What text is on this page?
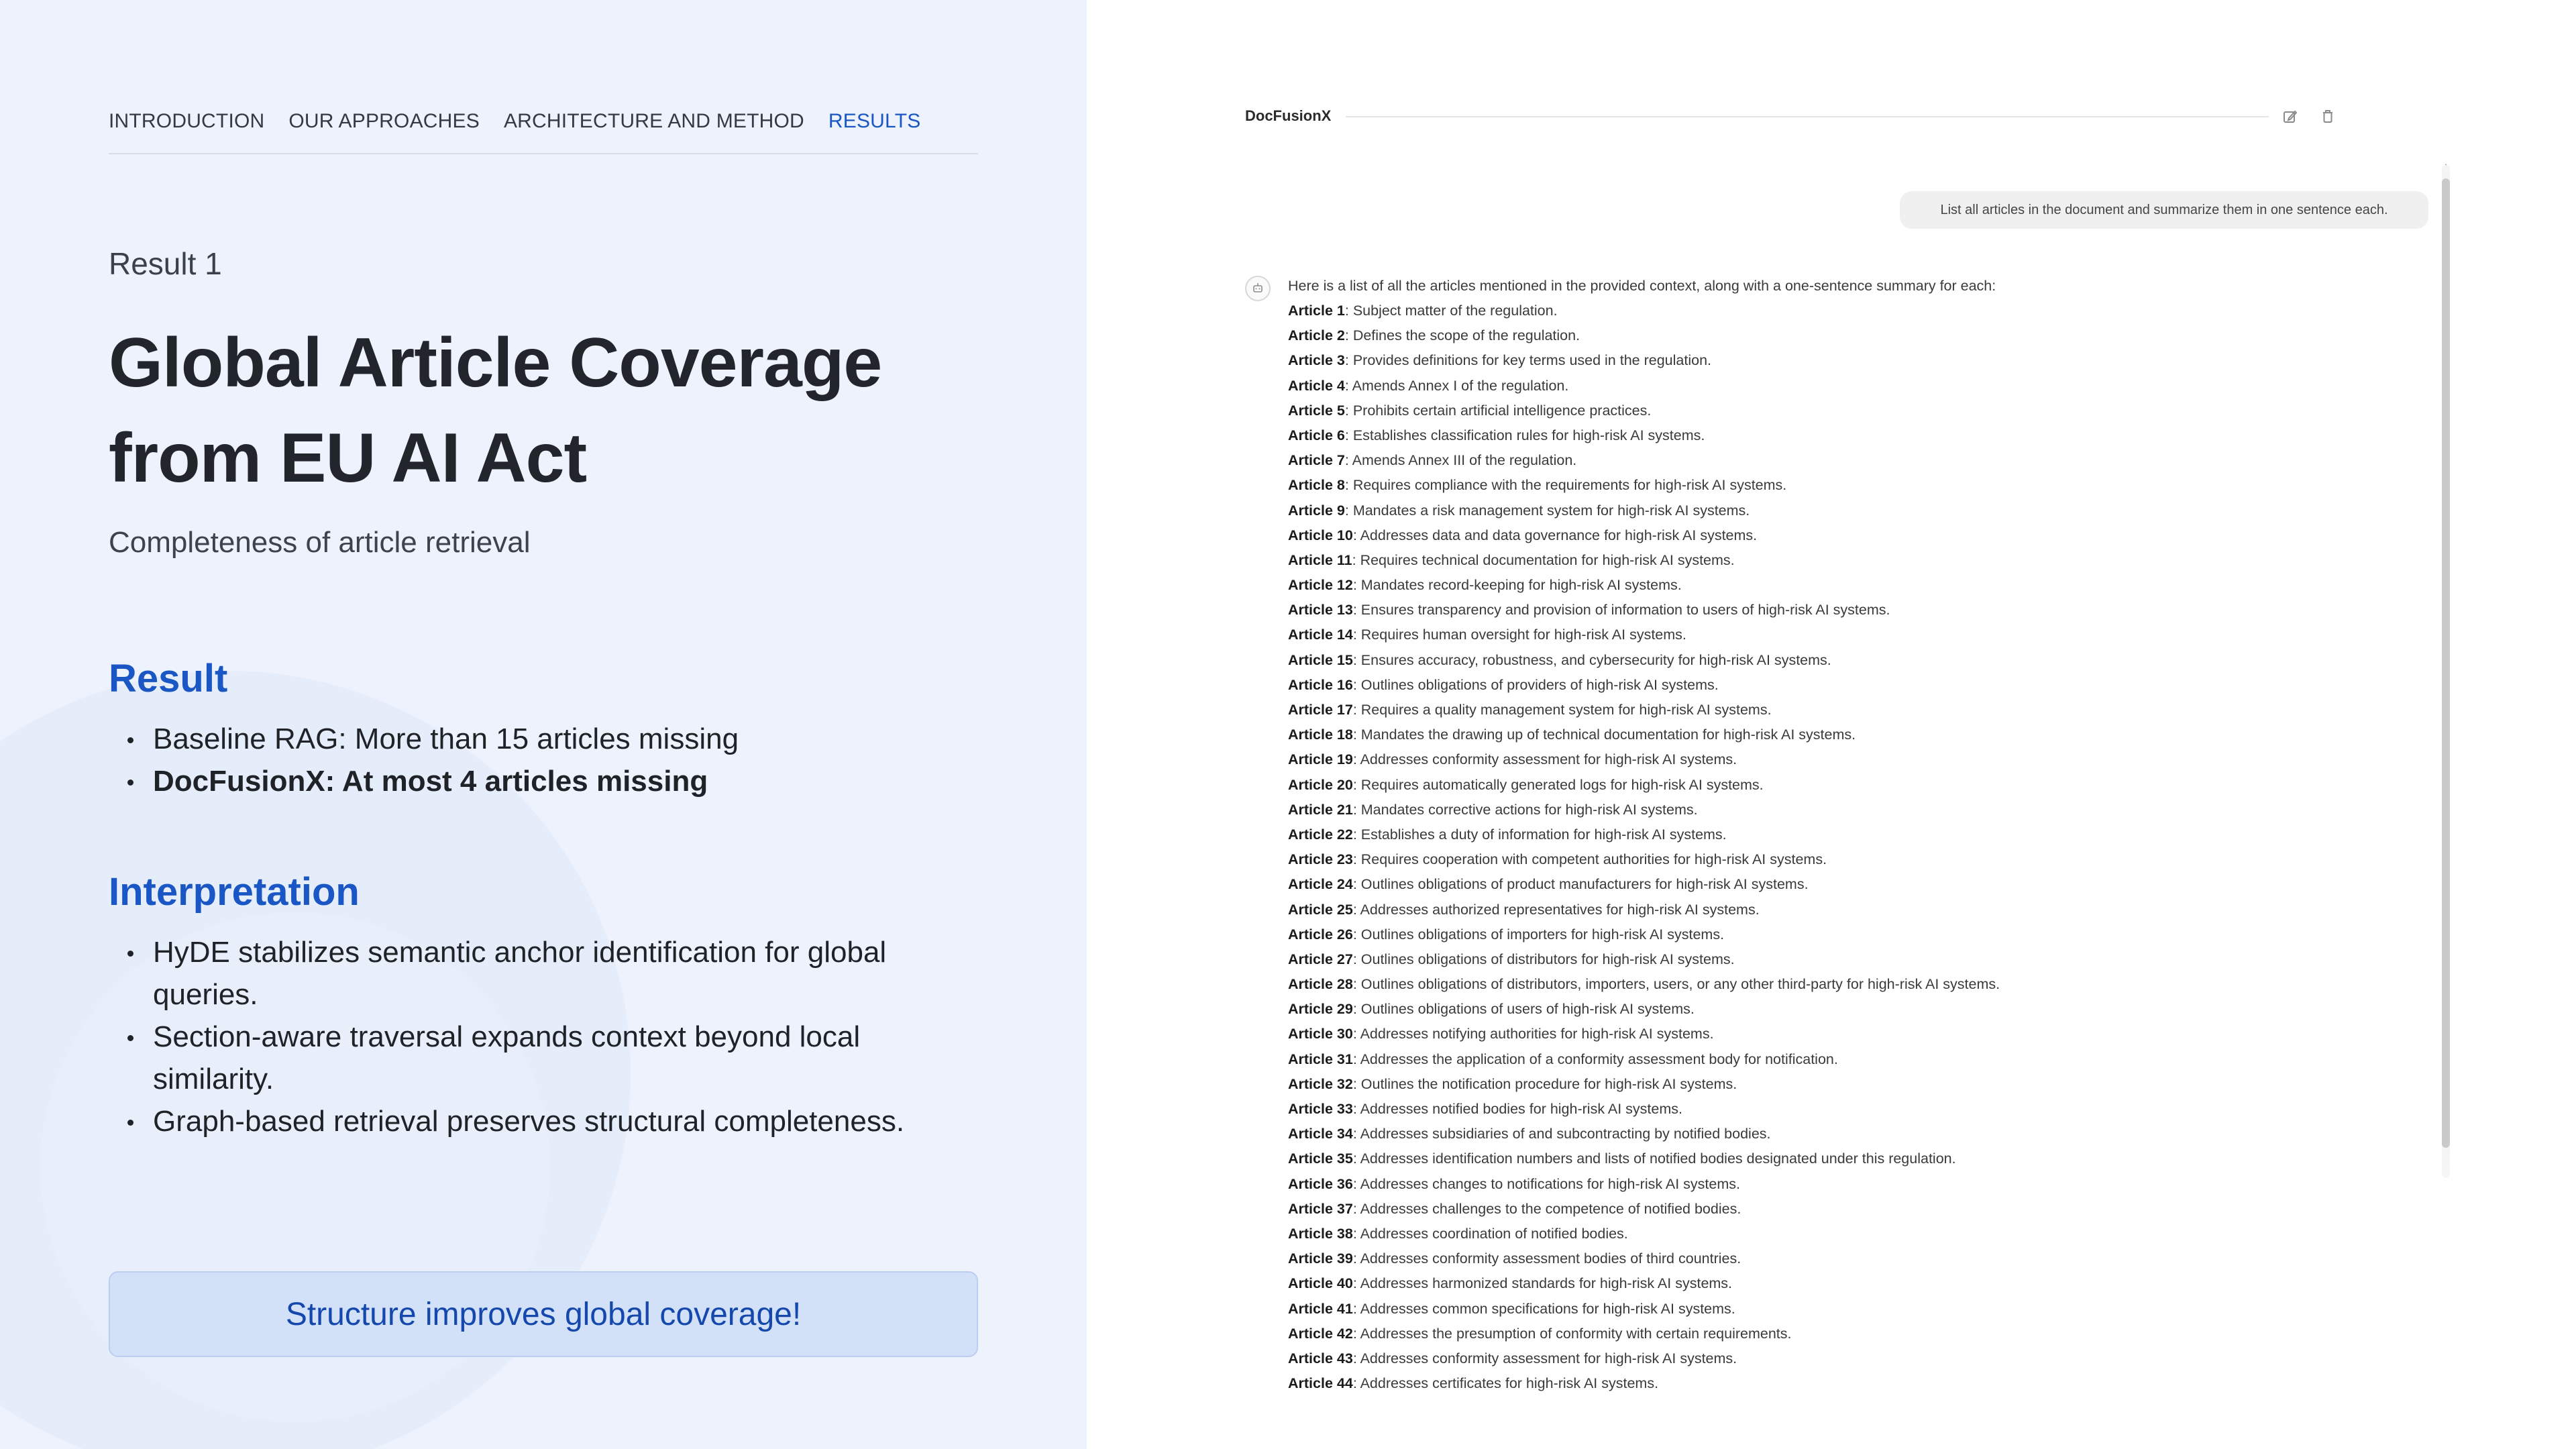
INTRODUCTION OUR APPROACHES ARCHITECTURE AND METHOD RESULTS
Result 1
Global Article Coverage
from EU AI Act
Completeness of article retrieval
Result
Baseline RAG: More than 15 articles missing
DocFusionX: At most 4 articles missing
Interpretation
HyDE stabilizes semantic anchor identification for global queries.
Section-aware traversal expands context beyond local similarity.
Graph-based retrieval preserves structural completeness.
Structure improves global coverage!
DocFusionX
List all articles in the document and summarize them in one sentence each.
Here is a list of all the articles mentioned in the provided context, along with a one-sentence summary for each:
Article 1: Subject matter of the regulation.
Article 2: Defines the scope of the regulation.
Article 3: Provides definitions for key terms used in the regulation.
Article 4: Amends Annex I of the regulation.
Article 5: Prohibits certain artificial intelligence practices.
Article 6: Establishes classification rules for high-risk AI systems.
Article 7: Amends Annex III of the regulation.
Article 8: Requires compliance with the requirements for high-risk AI systems.
Article 9: Mandates a risk management system for high-risk AI systems.
Article 10: Addresses data and data governance for high-risk AI systems.
Article 11: Requires technical documentation for high-risk AI systems.
Article 12: Mandates record-keeping for high-risk AI systems.
Article 13: Ensures transparency and provision of information to users of high-risk AI systems.
Article 14: Requires human oversight for high-risk AI systems.
Article 15: Ensures accuracy, robustness, and cybersecurity for high-risk AI systems.
Article 16: Outlines obligations of providers of high-risk AI systems.
Article 17: Requires a quality management system for high-risk AI systems.
Article 18: Mandates the drawing up of technical documentation for high-risk AI systems.
Article 19: Addresses conformity assessment for high-risk AI systems.
Article 20: Requires automatically generated logs for high-risk AI systems.
Article 21: Mandates corrective actions for high-risk AI systems.
Article 22: Establishes a duty of information for high-risk AI systems.
Article 23: Requires cooperation with competent authorities for high-risk AI systems.
Article 24: Outlines obligations of product manufacturers for high-risk AI systems.
Article 25: Addresses authorized representatives for high-risk AI systems.
Article 26: Outlines obligations of importers for high-risk AI systems.
Article 27: Outlines obligations of distributors for high-risk AI systems.
Article 28: Outlines obligations of distributors, importers, users, or any other third-party for high-risk AI systems.
Article 29: Outlines obligations of users of high-risk AI systems.
Article 30: Addresses notifying authorities for high-risk AI systems.
Article 31: Addresses the application of a conformity assessment body for notification.
Article 32: Outlines the notification procedure for high-risk AI systems.
Article 33: Addresses notified bodies for high-risk AI systems.
Article 34: Addresses subsidiaries of and subcontracting by notified bodies.
Article 35: Addresses identification numbers and lists of notified bodies designated under this regulation.
Article 36: Addresses changes to notifications for high-risk AI systems.
Article 37: Addresses challenges to the competence of notified bodies.
Article 38: Addresses coordination of notified bodies.
Article 39: Addresses conformity assessment bodies of third countries.
Article 40: Addresses harmonized standards for high-risk AI systems.
Article 41: Addresses common specifications for high-risk AI systems.
Article 42: Addresses the presumption of conformity with certain requirements.
Article 43: Addresses conformity assessment for high-risk AI systems.
Article 44: Addresses certificates for high-risk AI systems.
